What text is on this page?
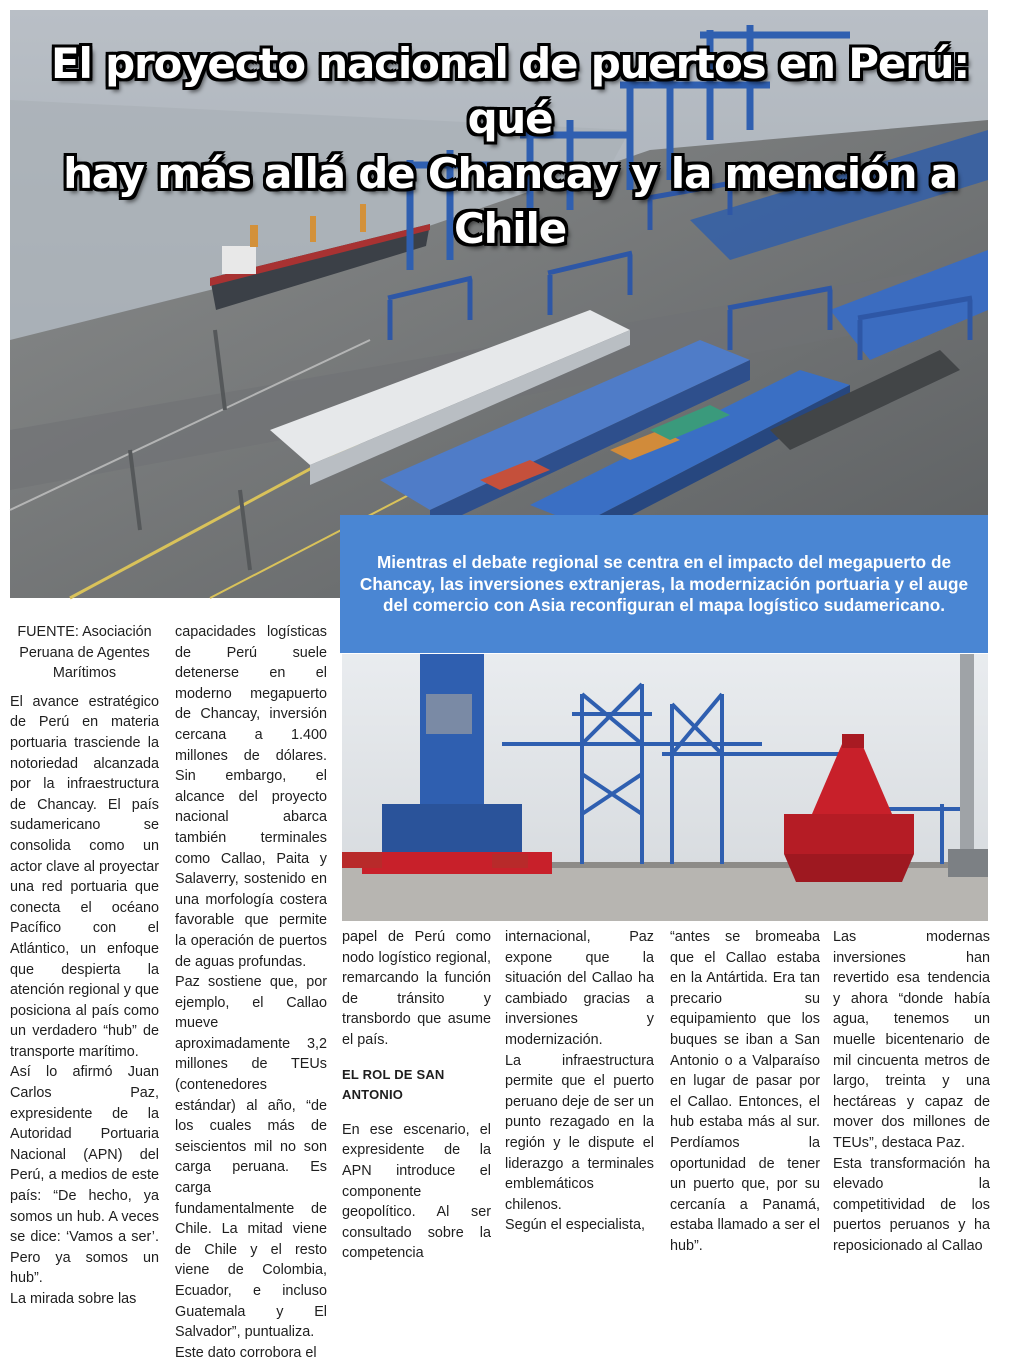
El proyecto nacional de puertos en Perú: qué
hay más allá de Chancay y la mención a Chile

Mientras el debate regional se centra en el impacto del megapuerto de Chancay, las inversiones extranjeras, la modernización portuaria y el auge del comercio con Asia reconfiguran el mapa logístico sudamericano.

FUENTE: Asociación Peruana de Agentes Marítimos

El avance estratégico de Perú en materia portuaria trasciende la notoriedad alcanzada por la infraestructura de Chancay. El país sudamericano se consolida como un actor clave al proyectar una red portuaria que conecta el océano Pacífico con el Atlántico, un enfoque que despierta la atención regional y que posiciona al país como un verdadero “hub” de transporte marítimo.

Así lo afirmó Juan Carlos Paz, expresidente de la Autoridad Portuaria Nacional (APN) del Perú, a medios de este país: “De hecho, ya somos un hub. A veces se dice: ‘Vamos a ser’. Pero ya somos un hub”.

La mirada sobre las

capacidades logísticas de Perú suele detenerse en el moderno megapuerto de Chancay, inversión cercana a 1.400 millones de dólares. Sin embargo, el alcance del proyecto nacional abarca también terminales como Callao, Paita y Salaverry, sostenido en una morfología costera favorable que permite la operación de puertos de aguas profundas.

Paz sostiene que, por ejemplo, el Callao mueve aproximadamente 3,2 millones de TEUs (contenedores estándar) al año, “de los cuales más de seiscientos mil no son carga peruana. Es carga fundamentalmente de Chile. La mitad viene de Chile y el resto viene de Colombia, Ecuador, e incluso Guatemala y El Salvador”, puntualiza.

Este dato corrobora el

papel de Perú como nodo logístico regional, remarcando la función de tránsito y transbordo que asume el país.

EL ROL DE SAN ANTONIO

En ese escenario, el expresidente de la APN introduce el componente geopolítico. Al ser consultado sobre la competencia

internacional, Paz expone que la situación del Callao ha cambiado gracias a inversiones y modernización.

La infraestructura permite que el puerto peruano deje de ser un punto rezagado en la región y le dispute el liderazgo a terminales emblemáticos chilenos.

Según el especialista,

“antes se bromeaba que el Callao estaba en la Antártida. Era tan precario su equipamiento que los buques se iban a San Antonio o a Valparaíso en lugar de pasar por el Callao. Entonces, el hub estaba más al sur. Perdíamos la oportunidad de tener un puerto que, por su cercanía a Panamá, estaba llamado a ser el hub”.

Las modernas inversiones han revertido esa tendencia y ahora “donde había agua, tenemos un muelle bicentenario de mil cincuenta metros de largo, treinta y una hectáreas y capaz de mover dos millones de TEUs”, destaca Paz.

Esta transformación ha elevado la competitividad de los puertos peruanos y ha reposicionado al Callao
